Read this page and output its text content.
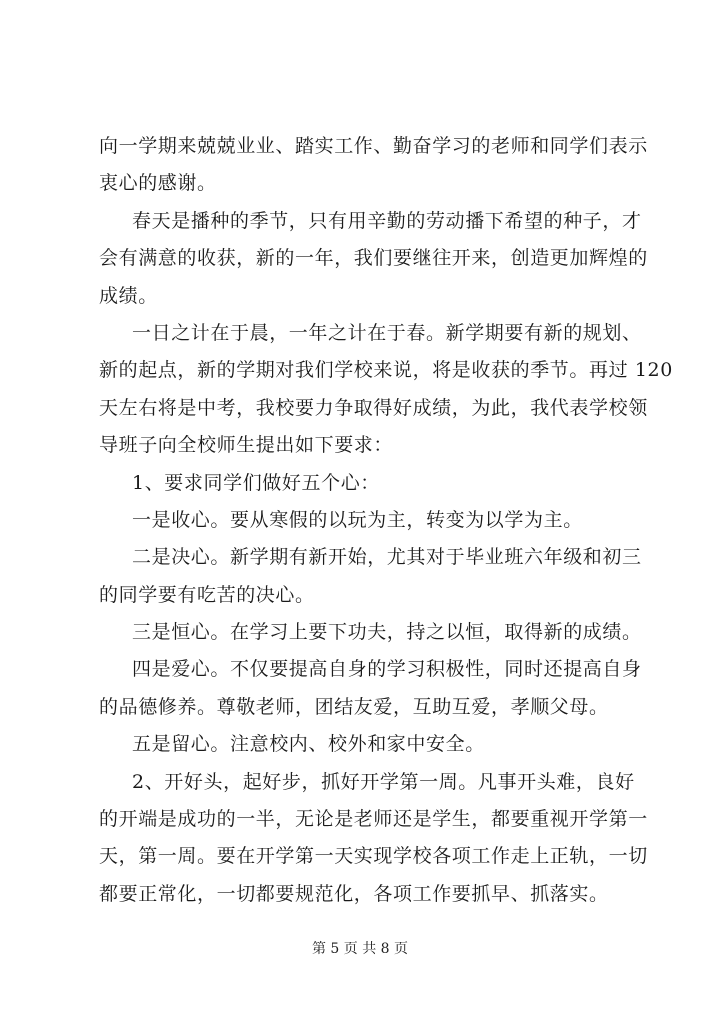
向一学期来兢兢业业、踏实工作、勤奋学习的老师和同学们表示
衷心的感谢。
春天是播种的季节，只有用辛勤的劳动播下希望的种子，才
会有满意的收获，新的一年，我们要继往开来，创造更加辉煌的
成绩。
一日之计在于晨，一年之计在于春。新学期要有新的规划、
新的起点，新的学期对我们学校来说，将是收获的季节。再过 120
天左右将是中考，我校要力争取得好成绩，为此，我代表学校领
导班子向全校师生提出如下要求：
1、要求同学们做好五个心：
一是收心。要从寒假的以玩为主，转变为以学为主。
二是决心。新学期有新开始，尤其对于毕业班六年级和初三
的同学要有吃苦的决心。
三是恒心。在学习上要下功夫，持之以恒，取得新的成绩。
四是爱心。不仅要提高自身的学习积极性，同时还提高自身
的品德修养。尊敬老师，团结友爱，互助互爱，孝顺父母。
五是留心。注意校内、校外和家中安全。
2、开好头，起好步，抓好开学第一周。凡事开头难，良好
的开端是成功的一半，无论是老师还是学生，都要重视开学第一
天，第一周。要在开学第一天实现学校各项工作走上正轨，一切
都要正常化，一切都要规范化，各项工作要抓早、抓落实。
第 5 页 共 8 页
